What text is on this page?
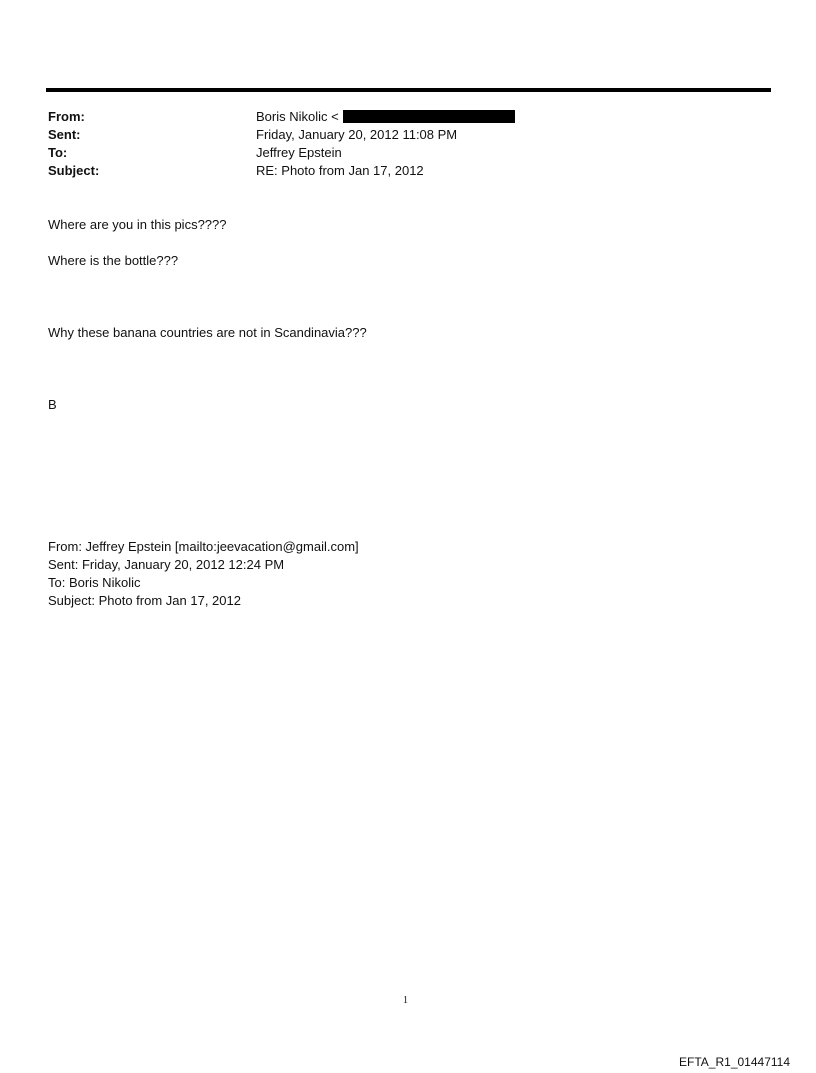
From:	Boris Nikolic <
Sent:	Friday, January 20, 2012 11:08 PM
To:	Jeffrey Epstein
Subject:	RE: Photo from Jan 17, 2012
Where are you in this pics????
Where is the bottle???
Why these banana countries are not in Scandinavia???
B
From: Jeffrey Epstein [mailto:jeevacation@gmail.com]
Sent: Friday, January 20, 2012 12:24 PM
To: Boris Nikolic
Subject: Photo from Jan 17, 2012
1
EFTA_R1_01447114
